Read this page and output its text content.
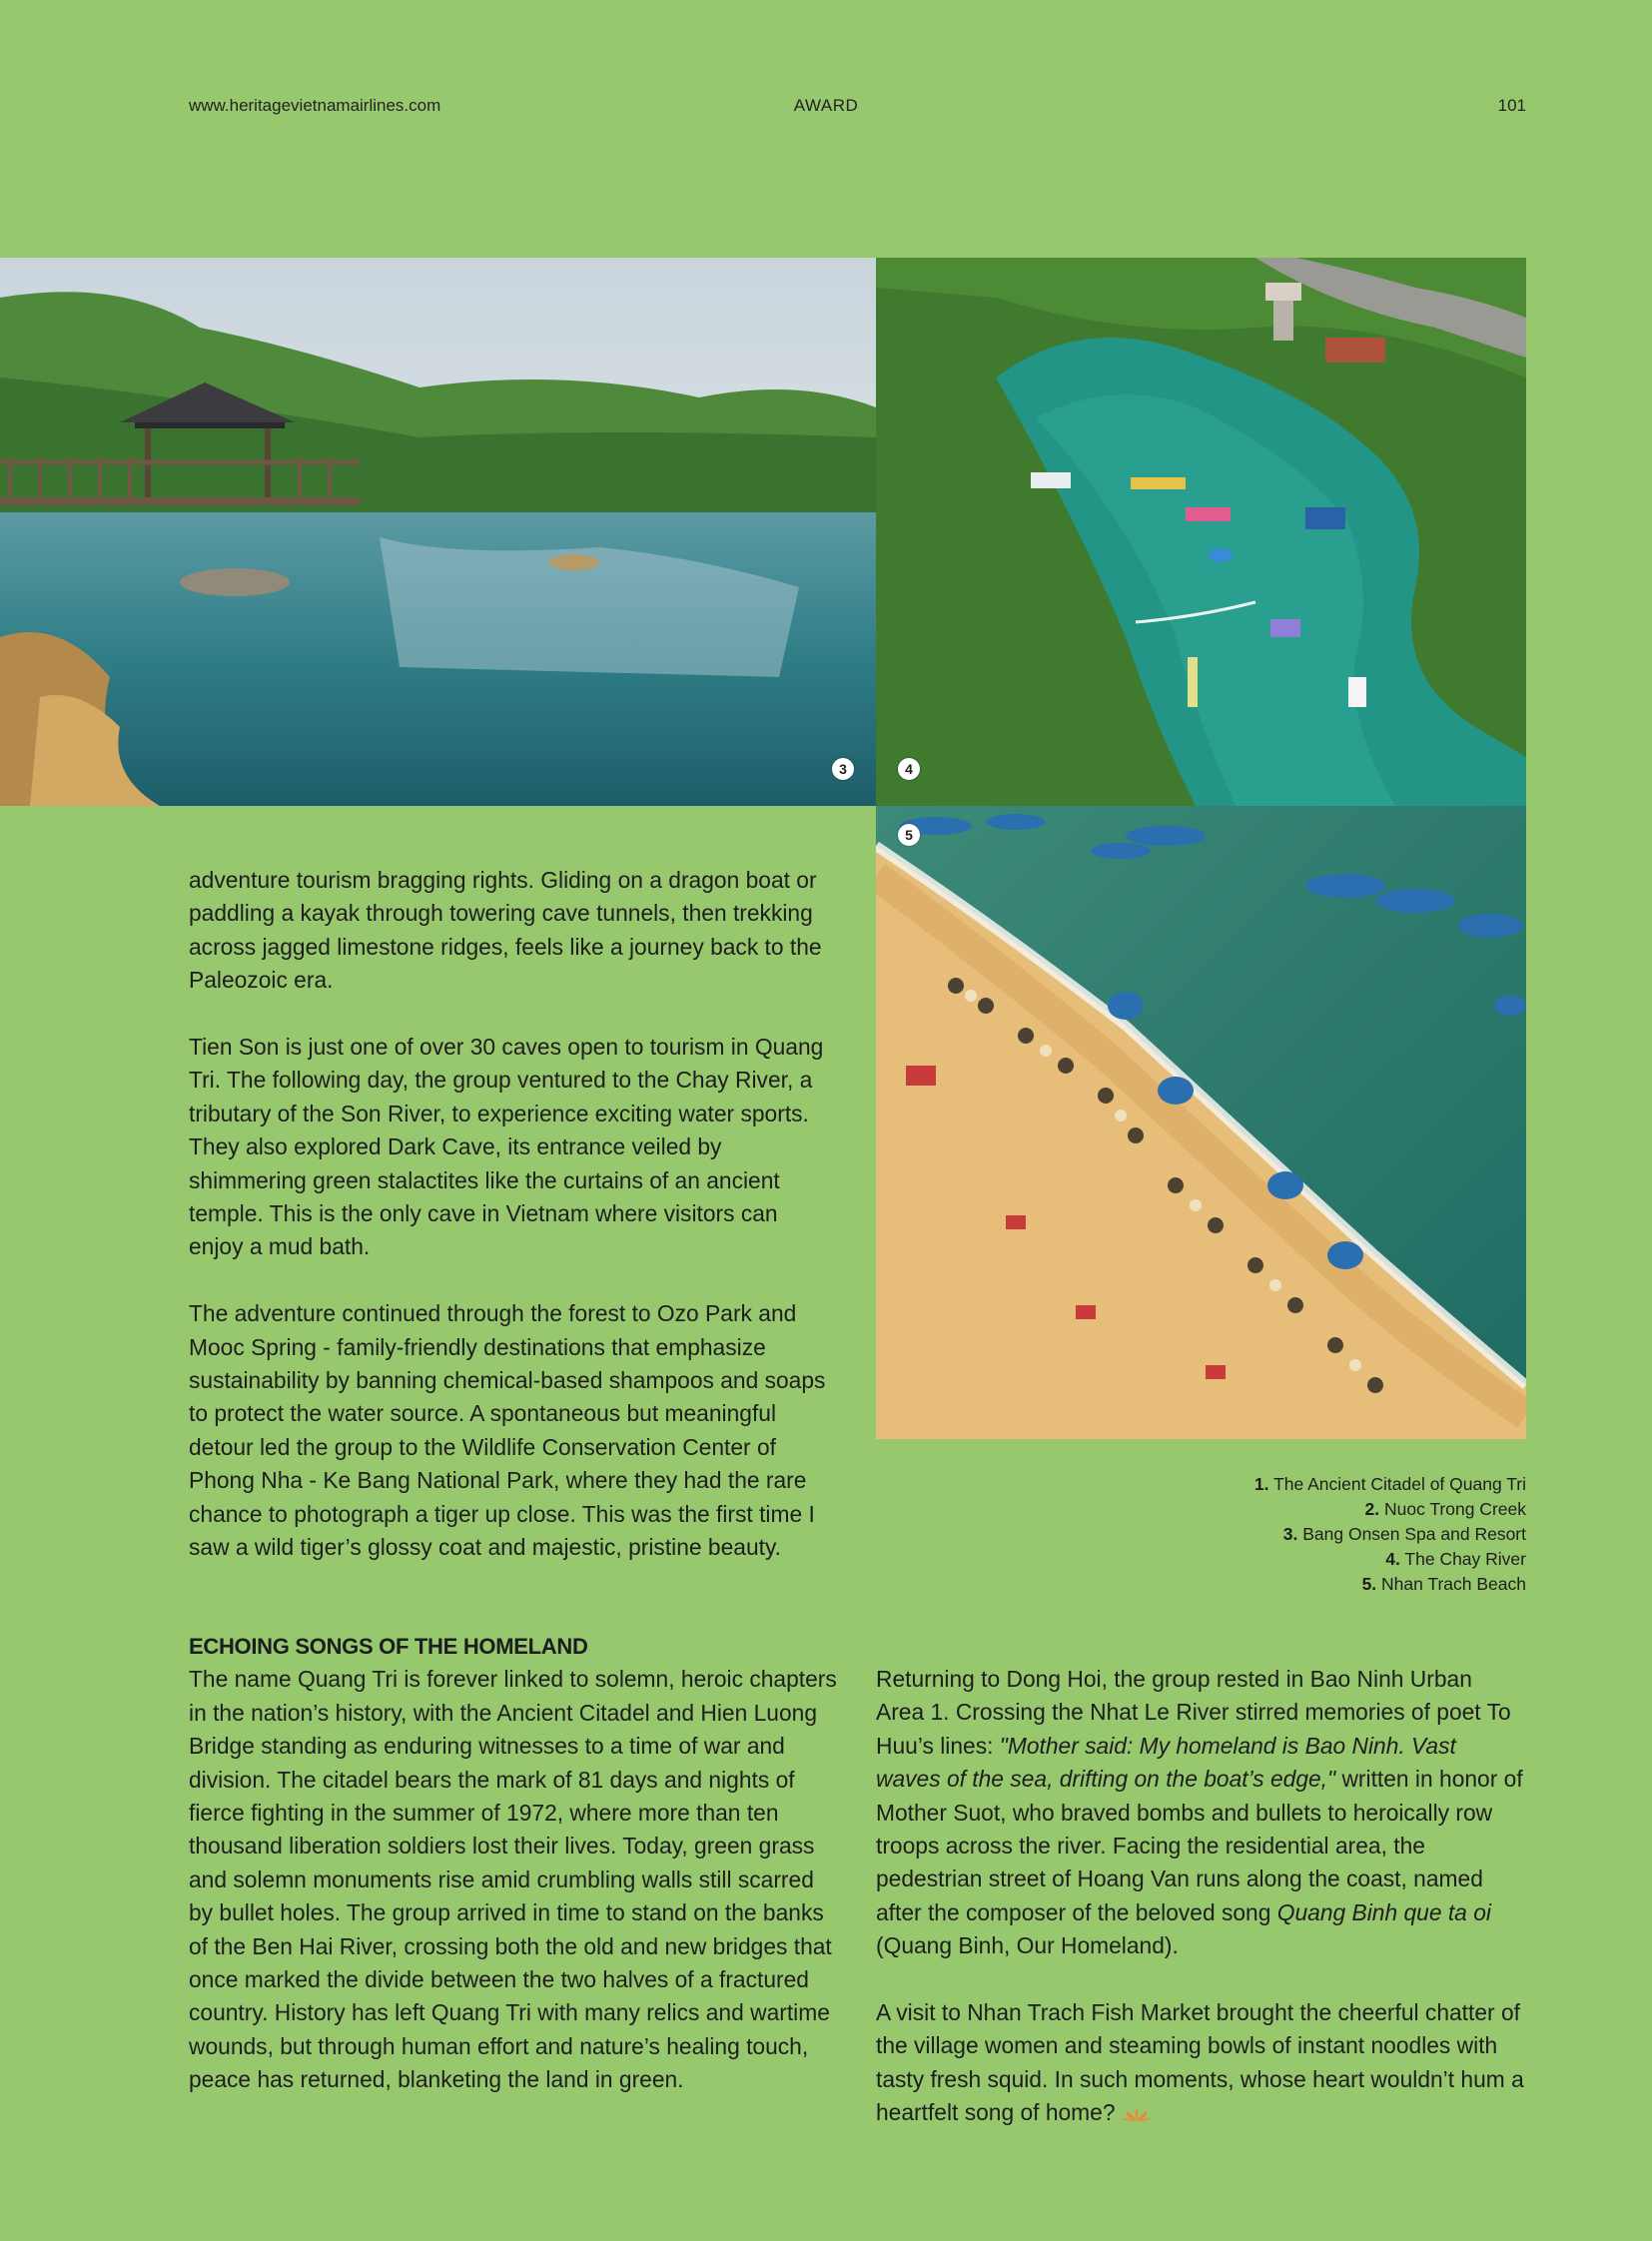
www.heritagevietnamairlines.com	AWARD	101
3	4
5

adventure tourism bragging rights. Gliding on a dragon boat or paddling a kayak through towering cave tunnels, then trekking across jagged limestone ridges, feels like a journey back to the Paleozoic era.

Tien Son is just one of over 30 caves open to tourism in Quang Tri. The following day, the group ventured to the Chay River, a tributary of the Son River, to experience exciting water sports. They also explored Dark Cave, its entrance veiled by shimmering green stalactites like the curtains of an ancient temple. This is the only cave in Vietnam where visitors can enjoy a mud bath.

The adventure continued through the forest to Ozo Park and Mooc Spring - family-friendly destinations that emphasize sustainability by banning chemical-based shampoos and soaps to protect the water source. A spontaneous but meaningful detour led the group to the Wildlife Conservation Center of Phong Nha - Ke Bang National Park, where they had the rare chance to photograph a tiger up close. This was the first time I saw a wild tiger’s glossy coat and majestic, pristine beauty.

ECHOING SONGS OF THE HOMELAND

The name Quang Tri is forever linked to solemn, heroic chapters in the nation’s history, with the Ancient Citadel and Hien Luong Bridge standing as enduring witnesses to a time of war and division. The citadel bears the mark of 81 days and nights of fierce fighting in the summer of 1972, where more than ten thousand liberation soldiers lost their lives. Today, green grass and solemn monuments rise amid crumbling walls still scarred by bullet holes. The group arrived in time to stand on the banks of the Ben Hai River, crossing both the old and new bridges that once marked the divide between the two halves of a fractured country. History has left Quang Tri with many relics and wartime wounds, but through human effort and nature’s healing touch, peace has returned, blanketing the land in green.

Returning to Dong Hoi, the group rested in Bao Ninh Urban Area 1. Crossing the Nhat Le River stirred memories of poet To Huu’s lines: "Mother said: My homeland is Bao Ninh. Vast waves of the sea, drifting on the boat’s edge," written in honor of Mother Suot, who braved bombs and bullets to heroically row troops across the river. Facing the residential area, the pedestrian street of Hoang Van runs along the coast, named after the composer of the beloved song Quang Binh que ta oi (Quang Binh, Our Homeland).

A visit to Nhan Trach Fish Market brought the cheerful chatter of the village women and steaming bowls of instant noodles with tasty fresh squid. In such moments, whose heart wouldn’t hum a heartfelt song of home?

1. The Ancient Citadel of Quang Tri
2. Nuoc Trong Creek
3. Bang Onsen Spa and Resort
4. The Chay River
5. Nhan Trach Beach
